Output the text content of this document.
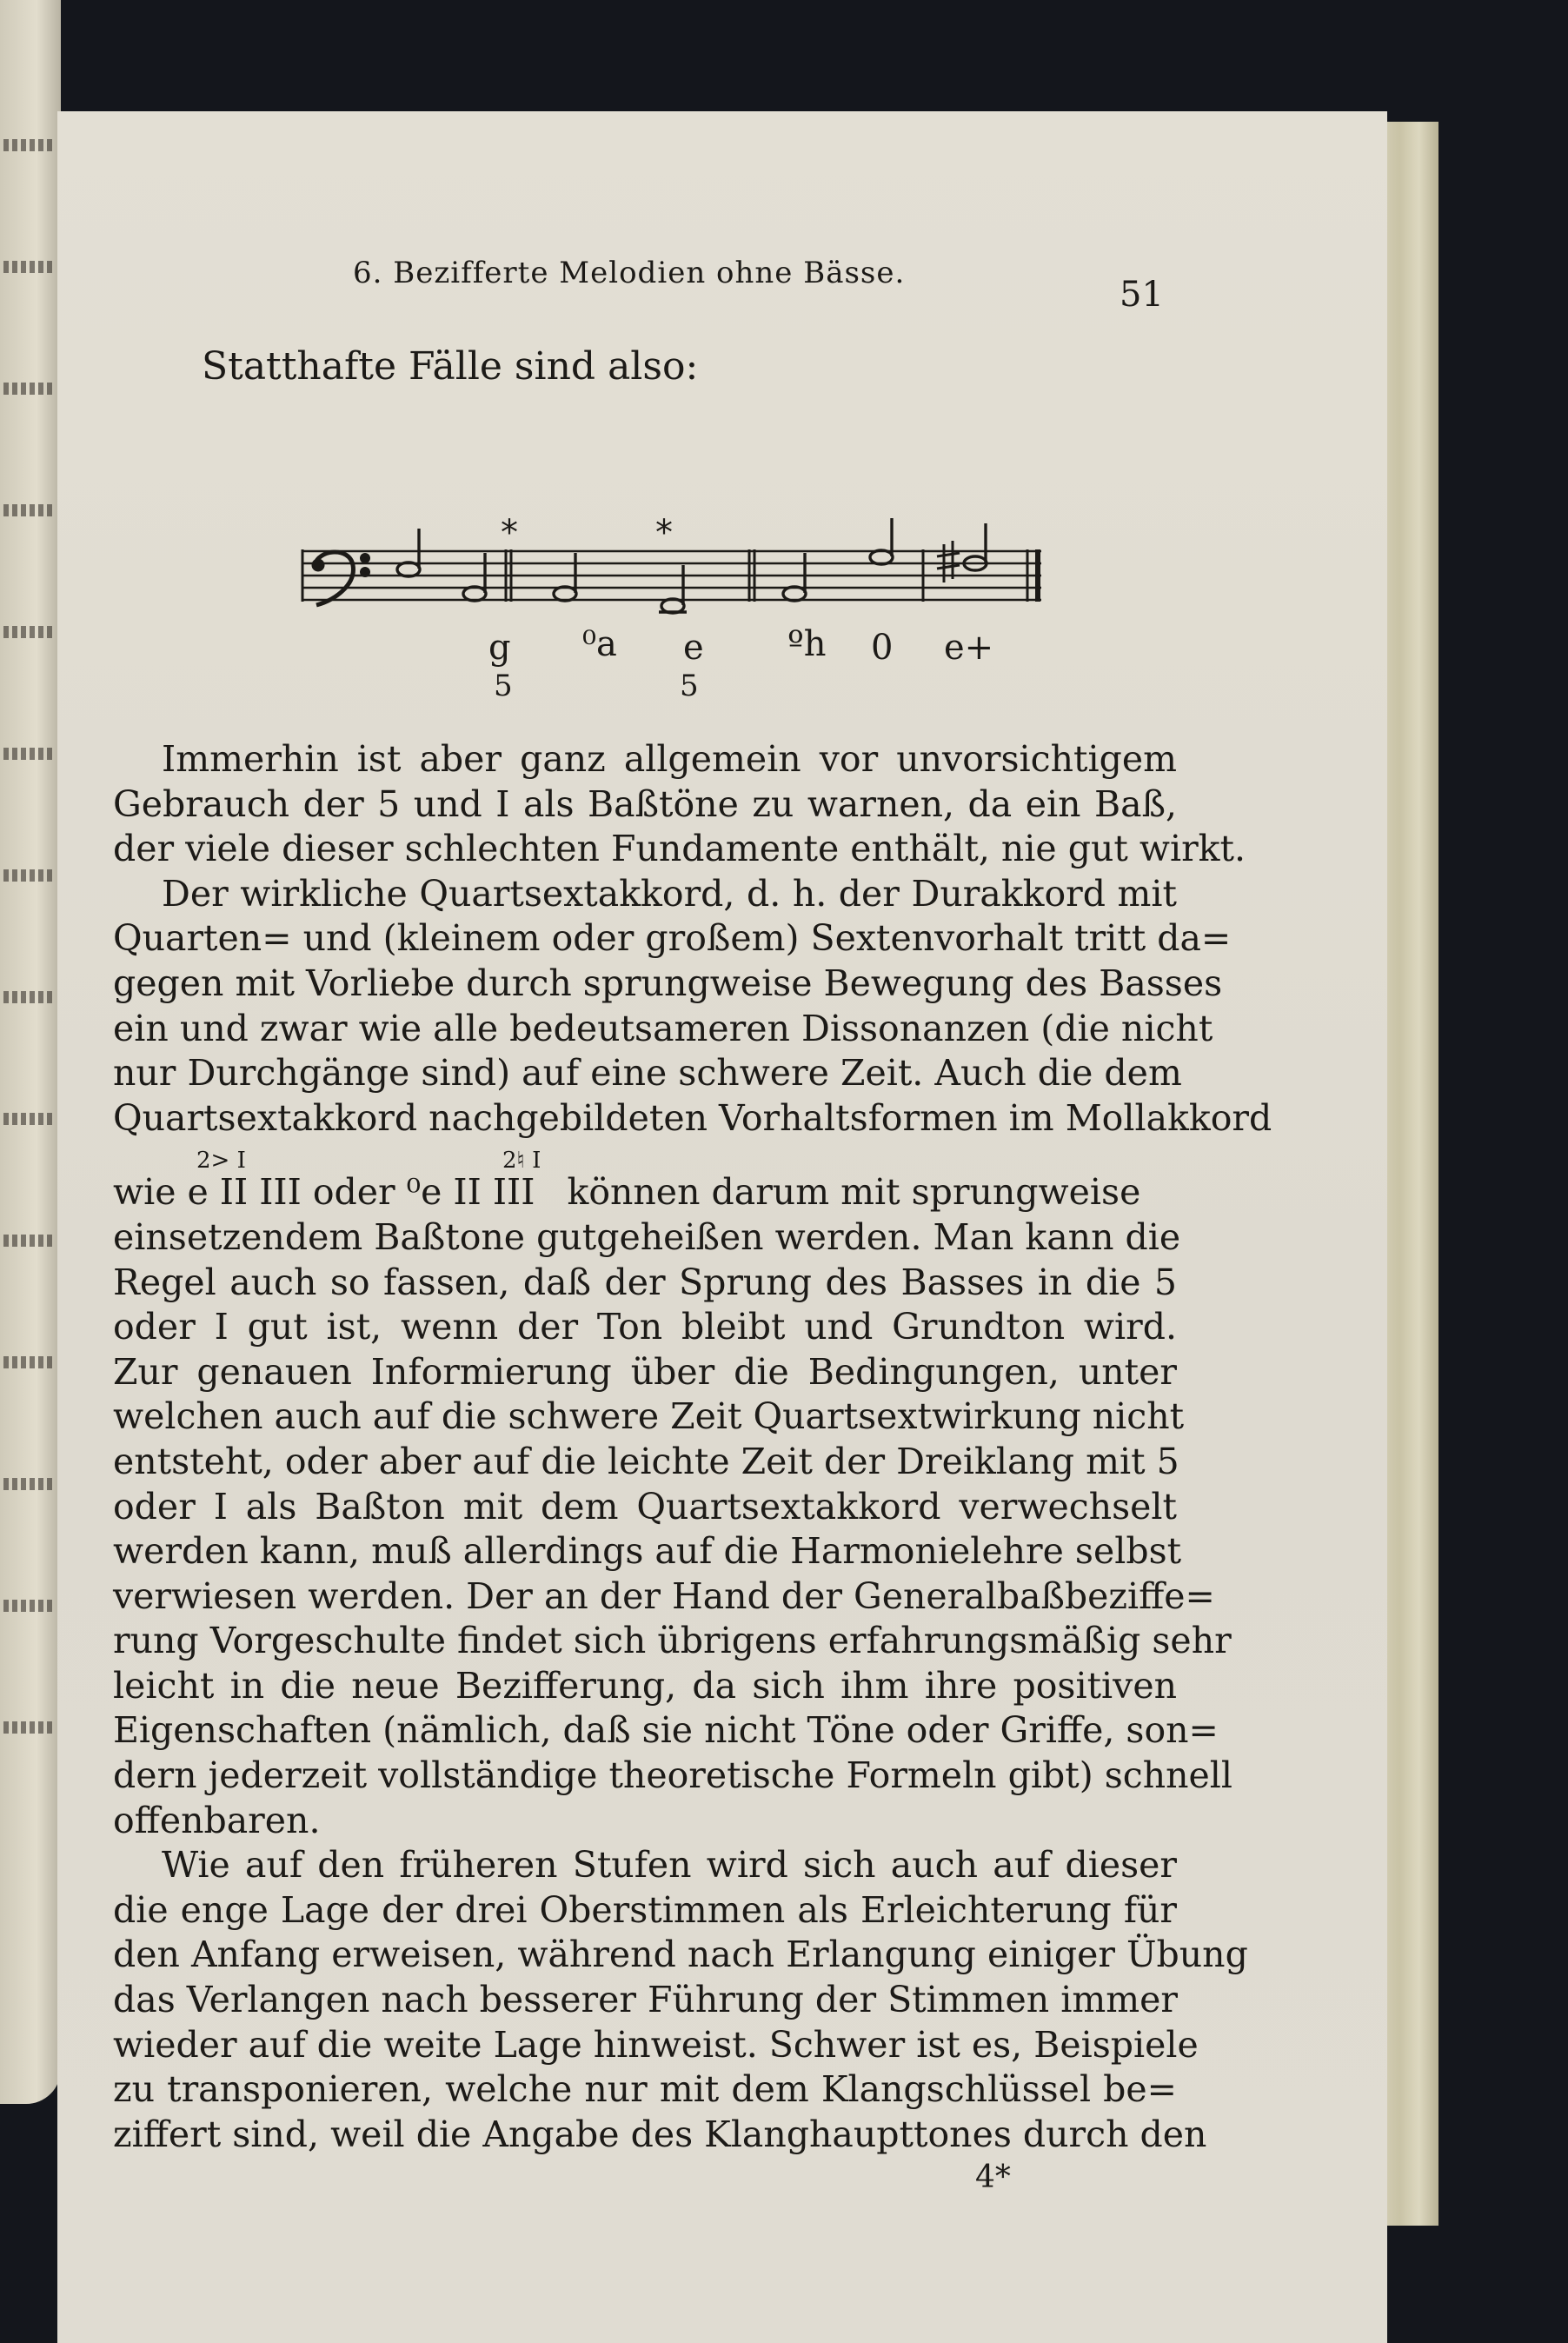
6. Bezifferte Melodien ohne Bässe.
51
Statthafte Fälle sind also:
*	*
g ⁰a e ºh 0 e+
5	5

Immerhin ist aber ganz allgemein vor unvorsichtigem
Gebrauch der 5 und I als Baßtöne zu warnen, da ein Baß,
der viele dieser schlechten Fundamente enthält, nie gut wirkt.

Der wirkliche Quartsextakkord, d. h. der Durakkord mit
Quarten= und (kleinem oder großem) Sextenvorhalt tritt da=
gegen mit Vorliebe durch sprungweise Bewegung des Basses
ein und zwar wie alle bedeutsameren Dissonanzen (die nicht
nur Durchgänge sind) auf eine schwere Zeit. Auch die dem
Quartsextakkord nachgebildeten Vorhaltsformen im Mollakkord
2> I	2♮ I
wie e II III oder ⁰e II III können darum mit sprungweise
einsetzendem Baßtone gutgeheißen werden. Man kann die
Regel auch so fassen, daß der Sprung des Basses in die 5
oder I gut ist, wenn der Ton bleibt und Grundton wird.
Zur genauen Informierung über die Bedingungen, unter
welchen auch auf die schwere Zeit Quartsextwirkung nicht
entsteht, oder aber auf die leichte Zeit der Dreiklang mit 5
oder I als Baßton mit dem Quartsextakkord verwechselt
werden kann, muß allerdings auf die Harmonielehre selbst
verwiesen werden. Der an der Hand der Generalbaßbeziffe=
rung Vorgeschulte findet sich übrigens erfahrungsmäßig sehr
leicht in die neue Bezifferung, da sich ihm ihre positiven
Eigenschaften (nämlich, daß sie nicht Töne oder Griffe, son=
dern jederzeit vollständige theoretische Formeln gibt) schnell
offenbaren.

Wie auf den früheren Stufen wird sich auch auf dieser
die enge Lage der drei Oberstimmen als Erleichterung für
den Anfang erweisen, während nach Erlangung einiger Übung
das Verlangen nach besserer Führung der Stimmen immer
wieder auf die weite Lage hinweist. Schwer ist es, Beispiele
zu transponieren, welche nur mit dem Klangschlüssel be=
ziffert sind, weil die Angabe des Klanghaupttones durch den

4*
